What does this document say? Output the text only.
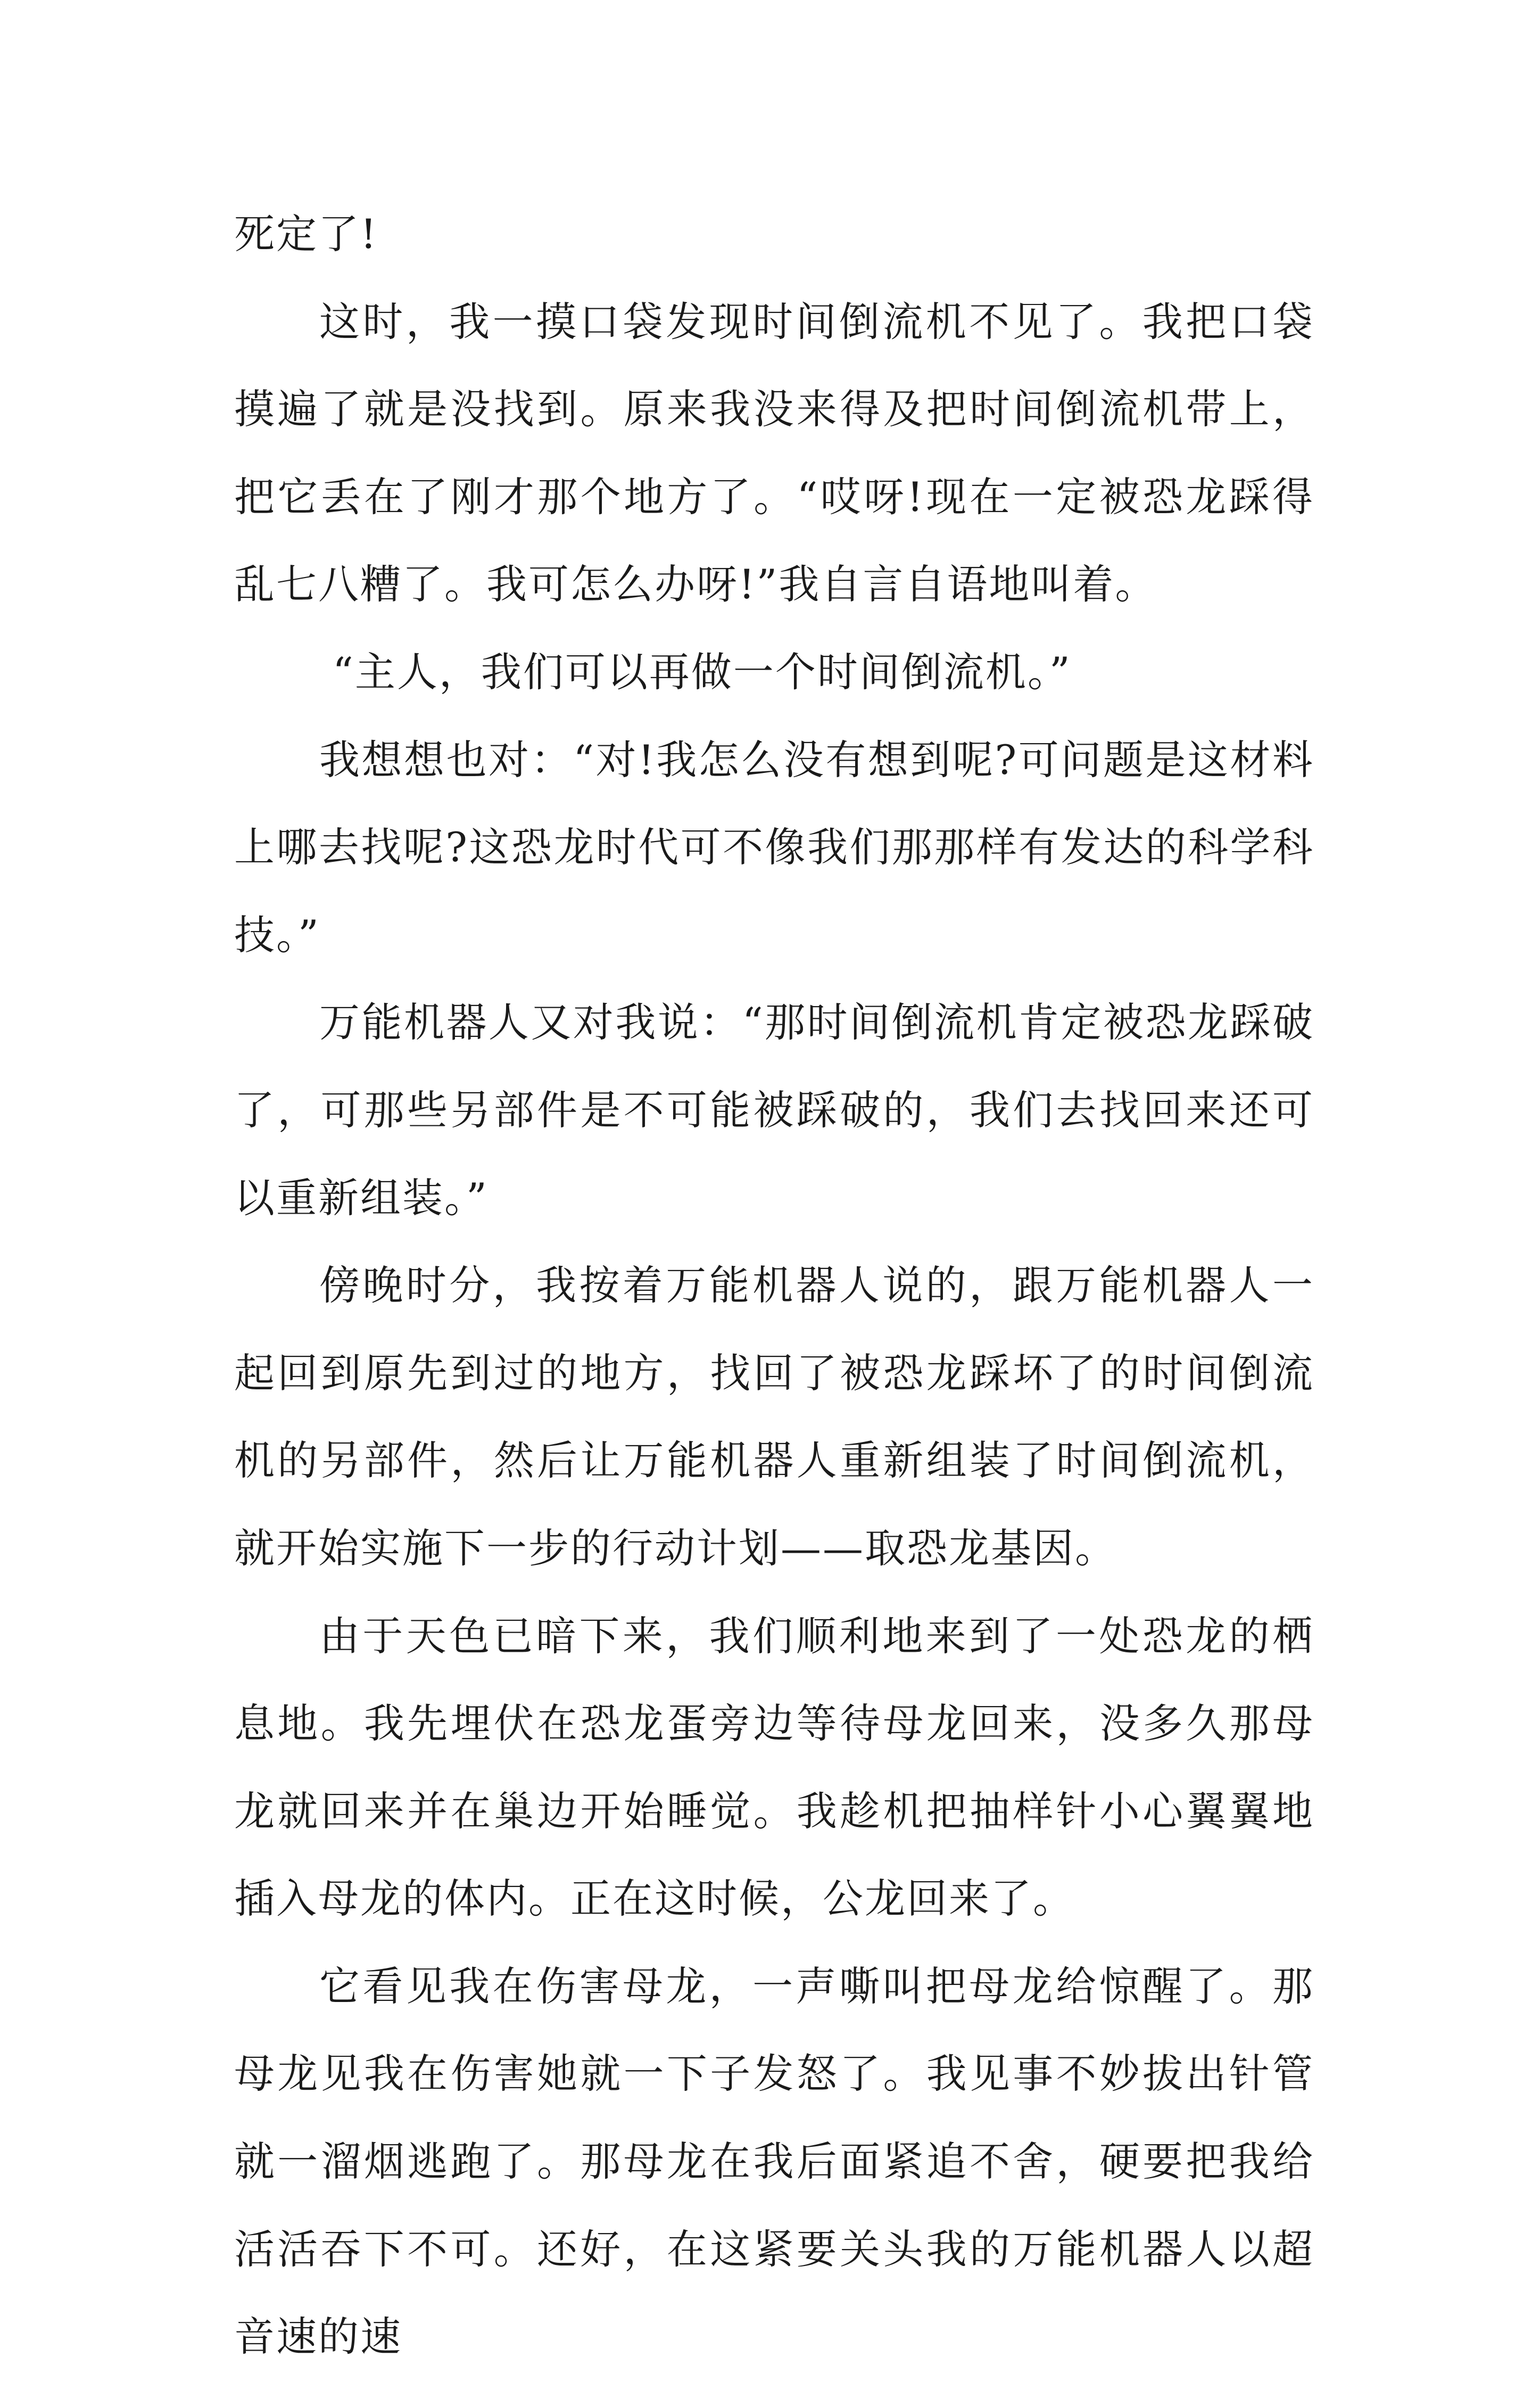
死定了!

这时，我一摸口袋发现时间倒流机不见了。我把口袋摸遍了就是没找到。原来我没来得及把时间倒流机带上，把它丢在了刚才那个地方了。“哎呀!现在一定被恐龙踩得乱七八糟了。我可怎么办呀!”我自言自语地叫着。

“主人，我们可以再做一个时间倒流机。”

我想想也对：“对!我怎么没有想到呢?可问题是这材料上哪去找呢?这恐龙时代可不像我们那那样有发达的科学科技。”

万能机器人又对我说：“那时间倒流机肯定被恐龙踩破了，可那些另部件是不可能被踩破的，我们去找回来还可以重新组装。”

傍晚时分，我按着万能机器人说的，跟万能机器人一起回到原先到过的地方，找回了被恐龙踩坏了的时间倒流机的另部件，然后让万能机器人重新组装了时间倒流机，就开始实施下一步的行动计划——取恐龙基因。

由于天色已暗下来，我们顺利地来到了一处恐龙的栖息地。我先埋伏在恐龙蛋旁边等待母龙回来，没多久那母龙就回来并在巢边开始睡觉。我趁机把抽样针小心翼翼地插入母龙的体内。正在这时候，公龙回来了。

它看见我在伤害母龙，一声嘶叫把母龙给惊醒了。那母龙见我在伤害她就一下子发怒了。我见事不妙拔出针管就一溜烟逃跑了。那母龙在我后面紧追不舍，硬要把我给活活吞下不可。还好，在这紧要关头我的万能机器人以超音速的速
